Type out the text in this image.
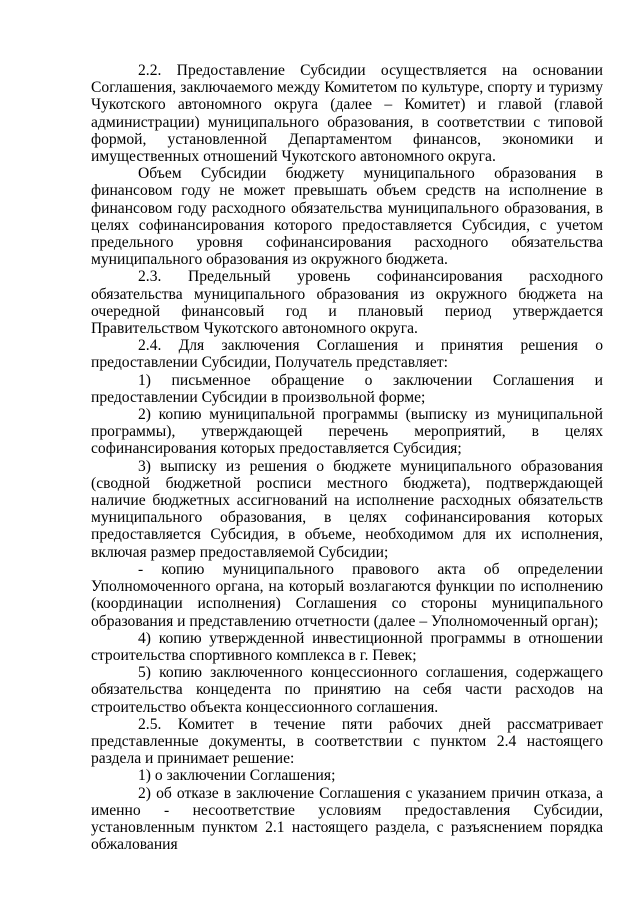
2.2. Предоставление Субсидии осуществляется на основании Соглашения, заключаемого между Комитетом по культуре, спорту и туризму Чукотского автономного округа (далее – Комитет) и главой (главой администрации) муниципального образования, в соответствии с типовой формой, установленной Департаментом финансов, экономики и имущественных отношений Чукотского автономного округа.

Объем Субсидии бюджету муниципального образования в финансовом году не может превышать объем средств на исполнение в финансовом году расходного обязательства муниципального образования, в целях софинансирования которого предоставляется Субсидия, с учетом предельного уровня софинансирования расходного обязательства муниципального образования из окружного бюджета.

2.3. Предельный уровень софинансирования расходного обязательства муниципального образования из окружного бюджета на очередной финансовый год и плановый период утверждается Правительством Чукотского автономного округа.

2.4. Для заключения Соглашения и принятия решения о предоставлении Субсидии, Получатель представляет:

1) письменное обращение о заключении Соглашения и предоставлении Субсидии в произвольной форме;

2) копию муниципальной программы (выписку из муниципальной программы), утверждающей перечень мероприятий, в целях софинансирования которых предоставляется Субсидия;

3) выписку из решения о бюджете муниципального образования (сводной бюджетной росписи местного бюджета), подтверждающей наличие бюджетных ассигнований на исполнение расходных обязательств муниципального образования, в целях софинансирования которых предоставляется Субсидия, в объеме, необходимом для их исполнения, включая размер предоставляемой Субсидии;

- копию муниципального правового акта об определении Уполномоченного органа, на который возлагаются функции по исполнению (координации исполнения) Соглашения со стороны муниципального образования и представлению отчетности (далее – Уполномоченный орган);

4) копию утвержденной инвестиционной программы в отношении строительства спортивного комплекса в г. Певек;

5) копию заключенного концессионного соглашения, содержащего обязательства концедента по принятию на себя части расходов на строительство объекта концессионного соглашения.

2.5. Комитет в течение пяти рабочих дней рассматривает представленные документы, в соответствии с пунктом 2.4 настоящего раздела и принимает решение:

1) о заключении Соглашения;

2) об отказе в заключение Соглашения с указанием причин отказа, а именно - несоответствие условиям предоставления Субсидии, установленным пунктом 2.1 настоящего раздела, с разъяснением порядка обжалования
